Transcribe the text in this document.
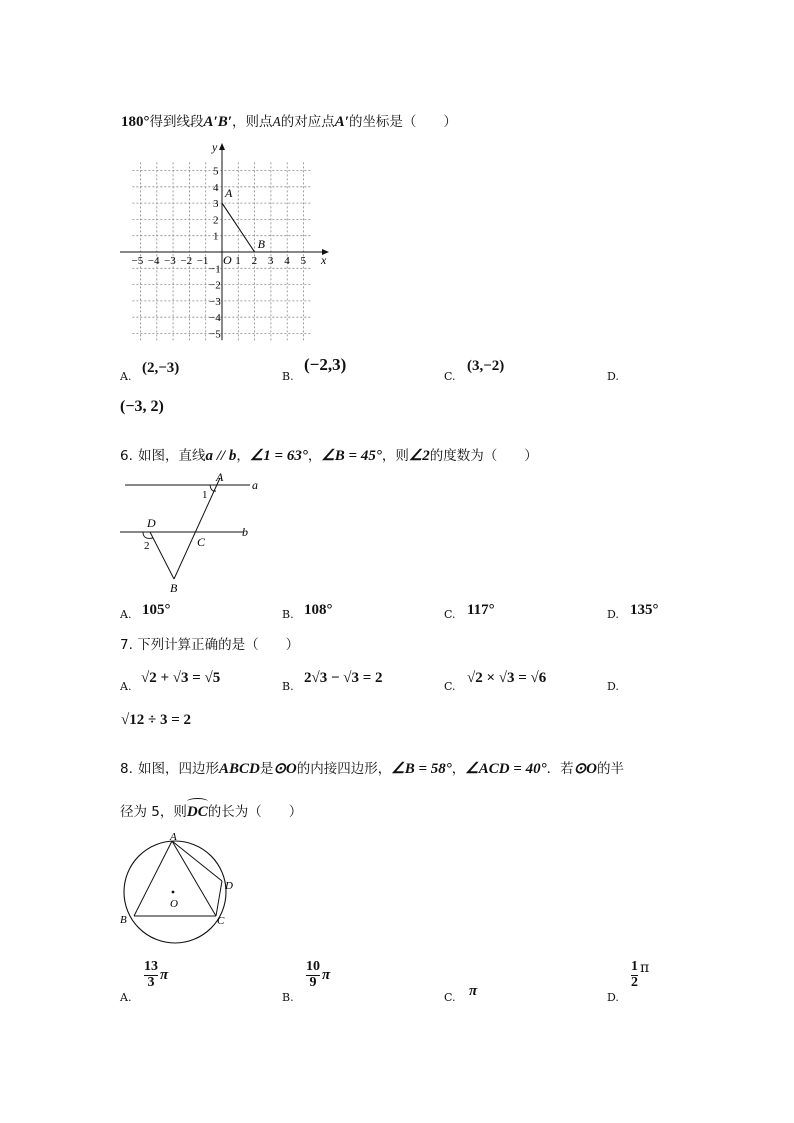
180°得到线段A′B′，则点A的对应点A′的坐标是（　　）
−5 −4 −3 −2 −1 1 2 3 4 5
5
4
3
2
1
−1
−2
−3
−4
−5
x
y
O
A
B
A.
(2,−3)
B.
(−2,3)
C.
(3,−2)
D.
(−3, 2)
6. 如图，直线a // b，∠1 = 63°，∠B = 45°，则∠2的度数为（　　）
A
a
1
D
b
2	C
B
A. 105°	B. 108°	C. 117°	D. 135°
7. 下列计算正确的是（　　）
A.
√2 + √3 = √5
B.
2√3 − √3 = 2
C.
√2 × √3 = √6
D.
√12 ÷ 3 = 2
8. 如图，四边形ABCD是⊙O的内接四边形，∠B = 58°，∠ACD = 40°．若⊙O的半
径为 5，则
DC的长为（　　）
A
B	C
D
O
A.
$\frac{13}{3}$ π
B.
$\frac{10}{9}$ π
C. π	D.
$\frac{1}{2}$ π
